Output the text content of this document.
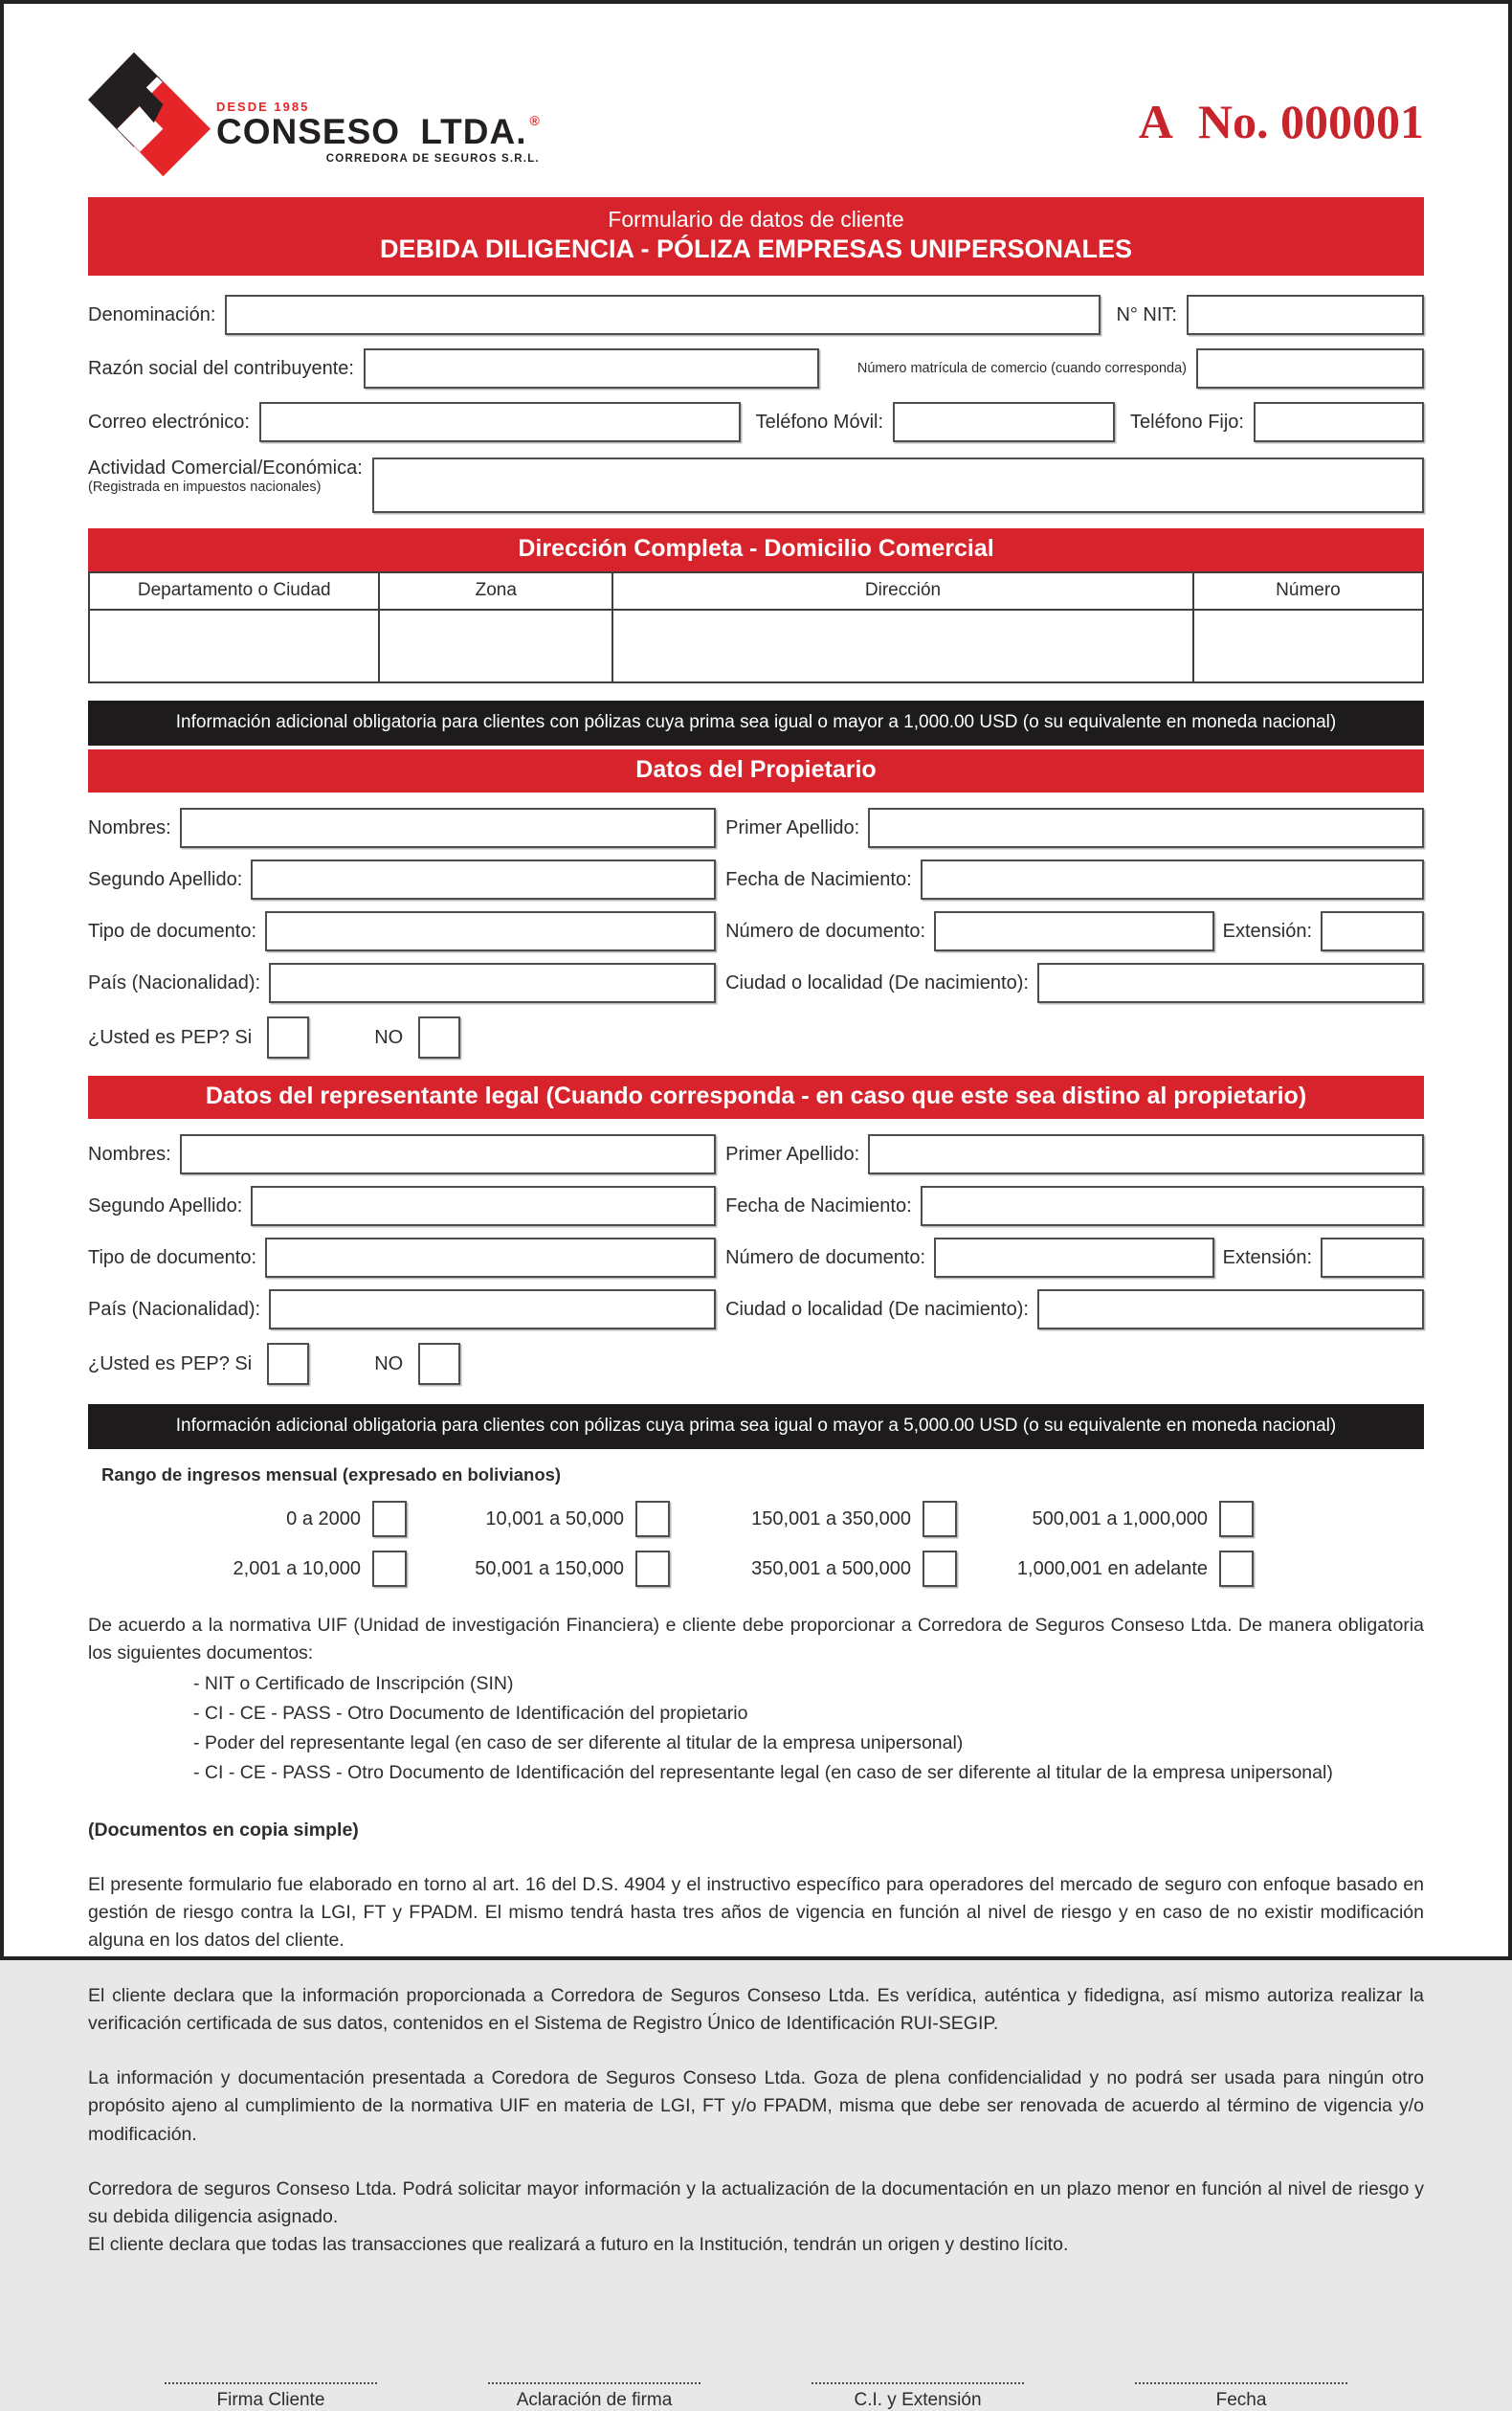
DESDE 1985
CONSESO LTDA. ®
CORREDORA DE SEGUROS S.R.L.
A No. 000001
Formulario de datos de cliente
DEBIDA DILIGENCIA - PÓLIZA EMPRESAS UNIPERSONALES
Denominación:	N° NIT:
Razón social del contribuyente:	Número matrícula de comercio (cuando corresponda)
Correo electrónico:	Teléfono Móvil:	Teléfono Fijo:
Actividad Comercial/Económica:
(Registrada en impuestos nacionales)
Dirección Completa - Domicilio Comercial
Departamento o Ciudad	Zona	Dirección	Número
Información adicional obligatoria para clientes con pólizas cuya prima sea igual o mayor a 1,000.00 USD (o su equivalente en moneda nacional)
Datos del Propietario
Nombres:	Primer Apellido:
Segundo Apellido:	Fecha de Nacimiento:
Tipo de documento:	Número de documento:	Extensión:
País (Nacionalidad):	Ciudad o localidad (De nacimiento):
¿Usted es PEP? Si	NO
Datos del representante legal (Cuando corresponda - en caso que este sea distino al propietario)
Nombres:	Primer Apellido:
Segundo Apellido:	Fecha de Nacimiento:
Tipo de documento:	Número de documento:	Extensión:
País (Nacionalidad):	Ciudad o localidad (De nacimiento):
¿Usted es PEP? Si	NO
Información adicional obligatoria para clientes con pólizas cuya prima sea igual o mayor a 5,000.00 USD (o su equivalente en moneda nacional)
Rango de ingresos mensual (expresado en bolivianos)
0 a 2000	10,001 a 50,000	150,001 a 350,000	500,001 a 1,000,000
2,001 a 10,000	50,001 a 150,000	350,001 a 500,000	1,000,001 en adelante

De acuerdo a la normativa UIF (Unidad de investigación Financiera) e cliente debe proporcionar a Corredora de Seguros Conseso Ltda. De manera obligatoria los siguientes documentos:

- NIT o Certificado de Inscripción (SIN)
- CI - CE - PASS - Otro Documento de Identificación del propietario
- Poder del representante legal (en caso de ser diferente al titular de la empresa unipersonal)
- CI - CE - PASS - Otro Documento de Identificación del representante legal (en caso de ser diferente al titular de la empresa unipersonal)
(Documentos en copia simple)

El presente formulario fue elaborado en torno al art. 16 del D.S. 4904 y el instructivo específico para operadores del mercado de seguro con enfoque basado en gestión de riesgo contra la LGI, FT y FPADM. El mismo tendrá hasta tres años de vigencia en función al nivel de riesgo y en caso de no existir modificación alguna en los datos del cliente.

El cliente declara que la información proporcionada a Corredora de Seguros Conseso Ltda. Es verídica, auténtica y fidedigna, así mismo autoriza realizar la verificación certificada de sus datos, contenidos en el Sistema de Registro Único de Identificación RUI-SEGIP.

La información y documentación presentada a Coredora de Seguros Conseso Ltda. Goza de plena confidencialidad y no podrá ser usada para ningún otro propósito ajeno al cumplimiento de la normativa UIF en materia de LGI, FT y/o FPADM, misma que debe ser renovada de acuerdo al término de vigencia y/o modificación.

Corredora de seguros Conseso Ltda. Podrá solicitar mayor información y la actualización de la documentación en un plazo menor en función al nivel de riesgo y su debida diligencia asignado.

El cliente declara que todas las transacciones que realizará a futuro en la Institución, tendrán un origen y destino lícito.

Firma Cliente	Aclaración de firma	C.I. y Extensión	Fecha
